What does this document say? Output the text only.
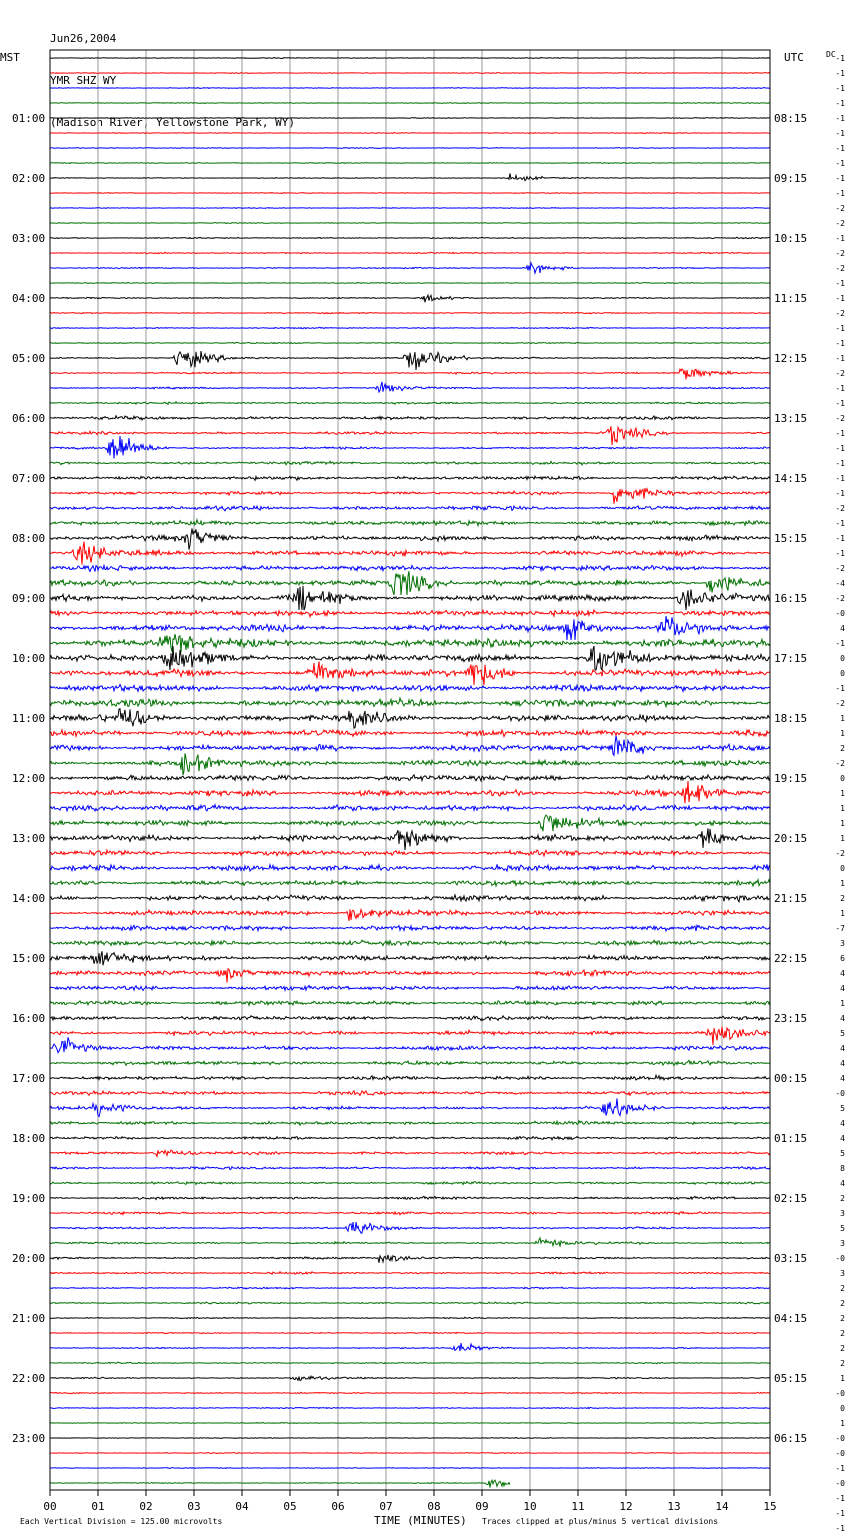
Jun26,2004

YMR SHZ WY

(Madison River, Yellowstone Park, WY)

01:00
02:00
03:00
04:00
05:00
06:00
07:00
08:00
09:00
10:00
11:00
12:00
13:00
14:00
15:00
16:00
17:00
18:00
19:00
20:00
21:00
22:00
23:00
08:15
09:15
10:15
11:15
12:15
13:15
14:15
15:15
16:15
17:15
18:15
19:15
20:15
21:15
22:15
23:15
00:15
01:15
02:15
03:15
04:15
05:15
06:15
-1
-1
-1
-1
-1
-1
-1
-1
-1
-1
-2
-2
-1
-2
-2
-1
-1
-2
-1
-1
-1
-2
-1
-1
-2
-1
-1
-1
-1
-1
-2
-1
-1
-1
-2
-4
-2
-0
4
-1
0
0
-1
-2
1
1
2
-2
0
1
1
1
1
-2
0
1
2
1
-7
3
6
4
4
1
4
5
4
4
4
-0
5
4
4
5
8
4
2
3
5
3
-0
3
2
2
2
2
2
2
1
-0
0
1
-0
-0
-1
-0
-1
-1
-1
00	01	02	03	04	05	06	07	08	09	10	11	12	13	14	15
MST	UTC	DC
TIME (MINUTES)
Each Vertical Division = 125.00 microvolts	Traces clipped at plus/minus 5 vertical divisions
